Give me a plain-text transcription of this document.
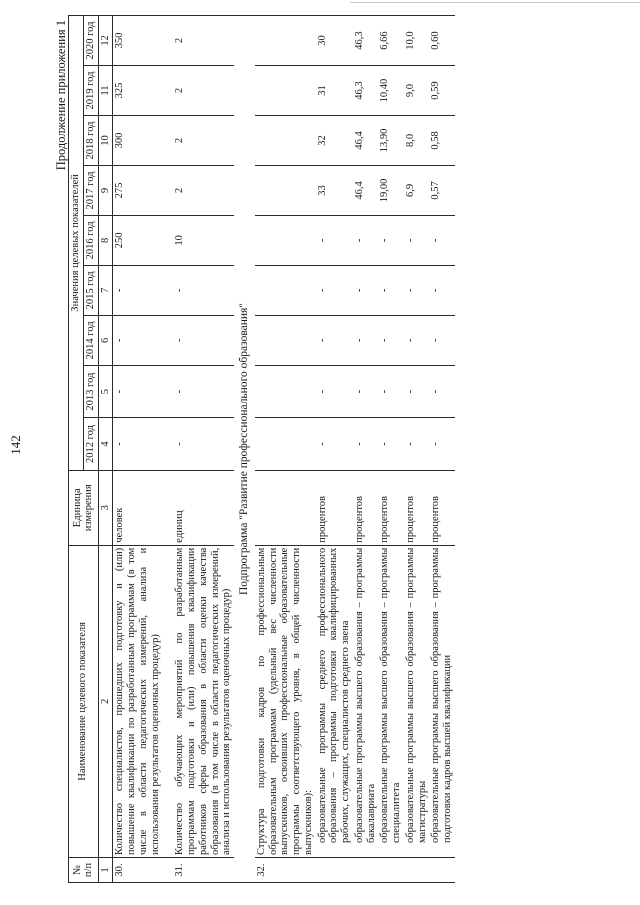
142
Продолжение приложения 1
№ п/п	Наименование целевого показателя	Единица измерения	Значения целевых показателей								
			2012 год	2013 год	2014 год	2015 год	2016 год	2017 год	2018 год	2019 год	2020 год
1	2	3	4	5	6	7	8	9	10	11	12
30.	Количество специалистов, прошедших подготовку и (или) повышение квалификации по разработанным программам (в том числе в области педагогических измерений, анализа и использования результатов оценочных процедур)	человек	-	-	-	-	250	275	300	325	350
31.	Количество обучающих мероприятий по разработанным программам подготовки и (или) повышения квалификации работников сферы образования в области оценки качества образования (в том числе в области педагогических измерений, анализа и использования результатов оценочных процедур)	единиц	-	-	-	-	10	2	2	2	2
Подпрограмма "Развитие профессионального образования"											
32.	Структура подготовки кадров по профессиональным образовательным программам (удельный вес численности выпускников, освоивших профессиональные образовательные программы соответствующего уровня, в общей численности выпускников):										
	образовательные программы среднего профессионального образования – программы подготовки квалифицированных рабочих, служащих, специалистов среднего звена	процентов	-	-	-	-	-	33	32	31	30
	образовательные программы высшего образования – программы бакалавриата	процентов	-	-	-	-	-	46,4	46,4	46,3	46,3
	образовательные программы высшего образования – программы специалитета	процентов	-	-	-	-	-	19,00	13,90	10,40	6,66
	образовательные программы высшего образования – программы магистратуры	процентов	-	-	-	-	-	6,9	8,0	9,0	10,0
	образовательные программы высшего образования – программы подготовки кадров высшей квалификации	процентов	-	-	-	-	-	0,57	0,58	0,59	0,60
